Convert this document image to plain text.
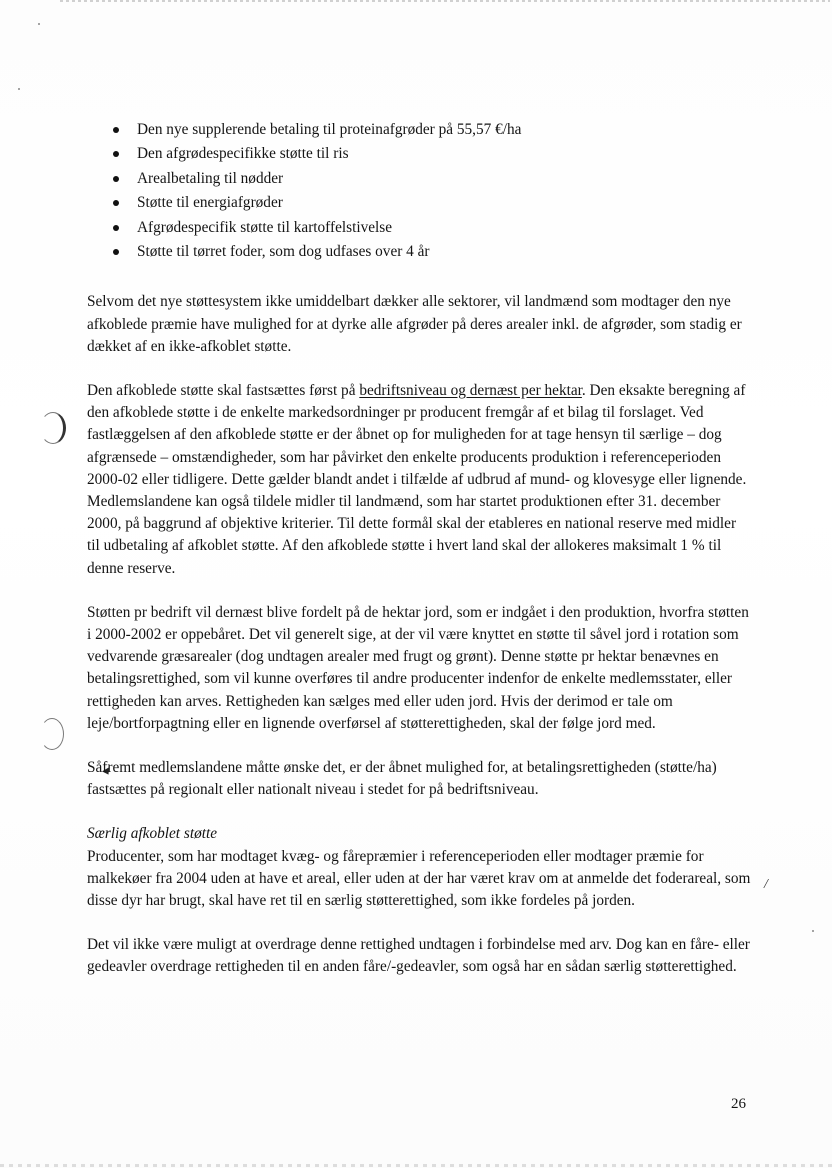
/
Den nye supplerende betaling til proteinafgrøder på 55,57 €/ha
Den afgrødespecifikke støtte til ris
Arealbetaling til nødder
Støtte til energiafgrøder
Afgrødespecifik støtte til kartoffelstivelse
Støtte til tørret foder, som dog udfases over 4 år

Selvom det nye støttesystem ikke umiddelbart dækker alle sektorer, vil landmænd som modtager den nye afkoblede præmie have mulighed for at dyrke alle afgrøder på deres arealer inkl. de afgrøder, som stadig er dækket af en ikke-afkoblet støtte.

Den afkoblede støtte skal fastsættes først på bedriftsniveau og dernæst per hektar. Den eksakte beregning af den afkoblede støtte i de enkelte markedsordninger pr producent fremgår af et bilag til forslaget. Ved fastlæggelsen af den afkoblede støtte er der åbnet op for muligheden for at tage hensyn til særlige – dog afgrænsede – omstændigheder, som har påvirket den enkelte producents produktion i referenceperioden 2000-02 eller tidligere. Dette gælder blandt andet i tilfælde af udbrud af mund- og klovesyge eller lignende. Medlemslandene kan også tildele midler til landmænd, som har startet produktionen efter 31. december 2000, på baggrund af objektive kriterier. Til dette formål skal der etableres en national reserve med midler til udbetaling af afkoblet støtte. Af den afkoblede støtte i hvert land skal der allokeres maksimalt 1 % til denne reserve.

Støtten pr bedrift vil dernæst blive fordelt på de hektar jord, som er indgået i den produktion, hvorfra støtten i 2000-2002 er oppebåret. Det vil generelt sige, at der vil være knyttet en støtte til såvel jord i rotation som vedvarende græsarealer (dog undtagen arealer med frugt og grønt). Denne støtte pr hektar benævnes en betalingsrettighed, som vil kunne overføres til andre producenter indenfor de enkelte medlemsstater, eller rettigheden kan arves. Rettigheden kan sælges med eller uden jord. Hvis der derimod er tale om leje/bortforpagtning eller en lignende overførsel af støtterettigheden, skal der følge jord med.

Såfremt medlemslandene måtte ønske det, er der åbnet mulighed for, at betalingsrettigheden (støtte/ha) fastsættes på regionalt eller nationalt niveau i stedet for på bedriftsniveau.

Særlig afkoblet støtte

Producenter, som har modtaget kvæg- og fårepræmier i referenceperioden eller modtager præmie for malkekøer fra 2004 uden at have et areal, eller uden at der har været krav om at anmelde det foderareal, som disse dyr har brugt, skal have ret til en særlig støtterettighed, som ikke fordeles på jorden.

Det vil ikke være muligt at overdrage denne rettighed undtagen i forbindelse med arv. Dog kan en fåre- eller gedeavler overdrage rettigheden til en anden fåre/-gedeavler, som også har en sådan særlig støtterettighed.

26
